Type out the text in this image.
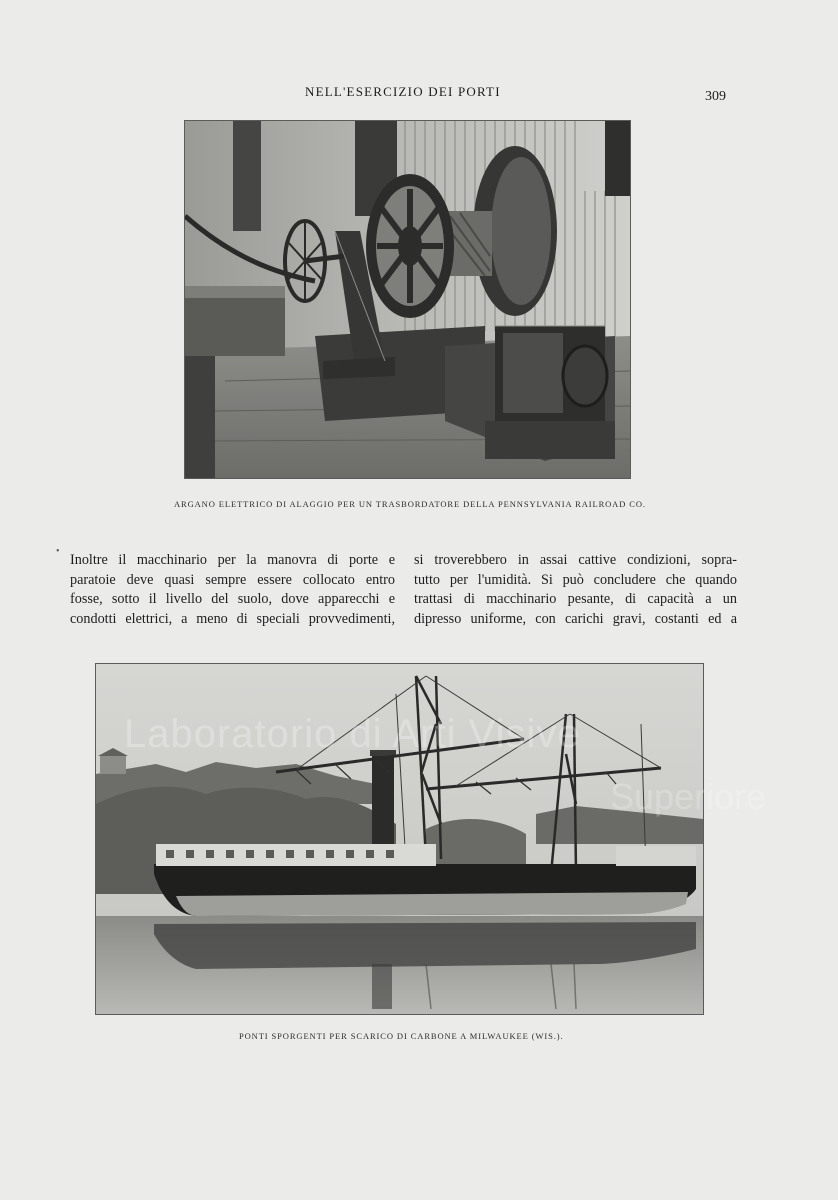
NELL'ESERCIZIO DEI PORTI	309
ARGANO ELETTRICO DI ALAGGIO PER UN TRASBORDATORE DELLA PENNSYLVANIA RAILROAD CO.
•
Inoltre il macchinario per la manovra di porte e
paratoie deve quasi sempre essere collocato entro
fosse, sotto il livello del suolo, dove apparecchi e
condotti elettrici, a meno di speciali provvedimenti,
si troverebbero in assai cattive condizioni, sopra-
tutto per l'umidità. Si può concludere che quando
trattasi di macchinario pesante, di capacità a un
dipresso uniforme, con carichi gravi, costanti ed a
PONTI SPORGENTI PER SCARICO DI CARBONE A MILWAUKEE (WIS.).
Laboratorio di Arti Visive
Superiore
